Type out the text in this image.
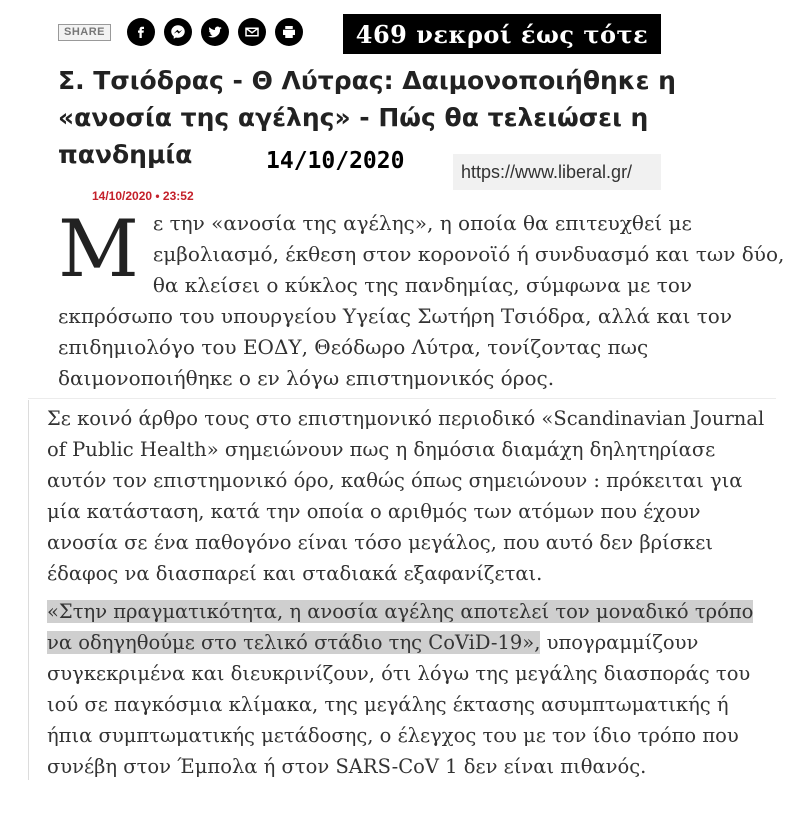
SHARE	469 νεκροί έως τότε
Σ. Τσιόδρας - Θ Λύτρας: Δαιμονοποιήθηκε η «ανοσία της αγέλης» - Πώς θα τελειώσει η πανδημία	14/10/2020	https://www.liberal.gr/
14/10/2020 • 23:52

Με την «ανοσία της αγέλης», η οποία θα επιτευχθεί με εμβολιασμό, έκθεση στον κορονοϊό ή συνδυασμό και των δύο, θα κλείσει ο κύκλος της πανδημίας, σύμφωνα με τον εκπρόσωπο του υπουργείου Υγείας Σωτήρη Τσιόδρα, αλλά και τον επιδημιολόγο του ΕΟΔΥ, Θεόδωρο Λύτρα, τονίζοντας πως δαιμονοποιήθηκε ο εν λόγω επιστημονικός όρος.

Σε κοινό άρθρο τους στο επιστημονικό περιοδικό «Scandinavian Journal of Public Health» σημειώνουν πως η δημόσια διαμάχη δηλητηρίασε αυτόν τον επιστημονικό όρο, καθώς όπως σημειώνουν : πρόκειται για μία κατάσταση, κατά την οποία ο αριθμός των ατόμων που έχουν ανοσία σε ένα παθογόνο είναι τόσο μεγάλος, που αυτό δεν βρίσκει έδαφος να διασπαρεί και σταδιακά εξαφανίζεται.

«Στην πραγματικότητα, η ανοσία αγέλης αποτελεί τον μοναδικό τρόπο να οδηγηθούμε στο τελικό στάδιο της CoViD-19», υπογραμμίζουν συγκεκριμένα και διευκρινίζουν, ότι λόγω της μεγάλης διασποράς του ιού σε παγκόσμια κλίμακα, της μεγάλης έκτασης ασυμπτωματικής ή ήπια συμπτωματικής μετάδοσης, ο έλεγχος του με τον ίδιο τρόπο που συνέβη στον Έμπολα ή στον SARS-CoV 1 δεν είναι πιθανός.
